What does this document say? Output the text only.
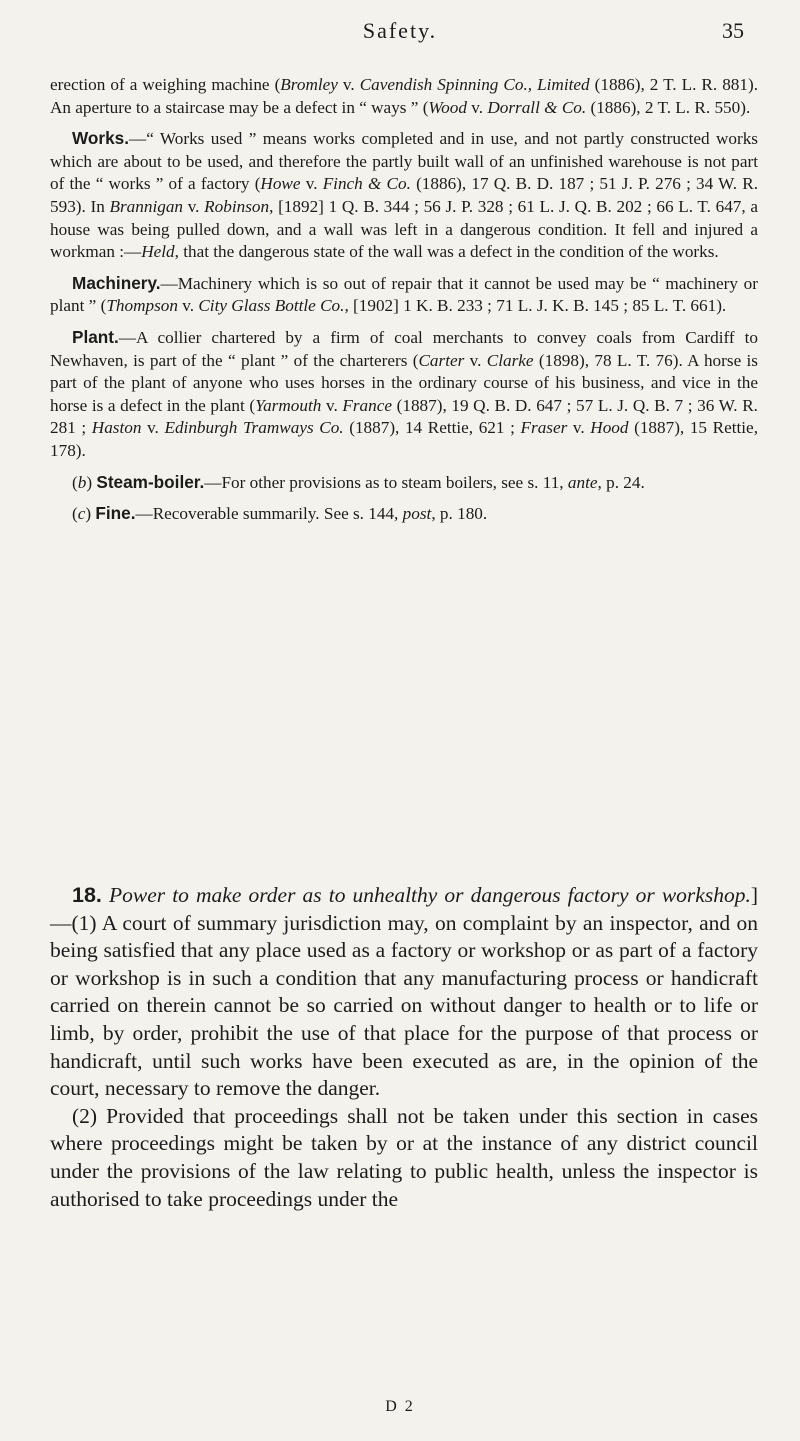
Safety.	35

erection of a weighing machine (Bromley v. Cavendish Spinning Co., Limited (1886), 2 T. L. R. 881). An aperture to a staircase may be a defect in “ ways ” (Wood v. Dorrall & Co. (1886), 2 T. L. R. 550).

Works.—“ Works used ” means works completed and in use, and not partly constructed works which are about to be used, and therefore the partly built wall of an unfinished warehouse is not part of the “ works ” of a factory (Howe v. Finch & Co. (1886), 17 Q. B. D. 187 ; 51 J. P. 276 ; 34 W. R. 593). In Brannigan v. Robinson, [1892] 1 Q. B. 344 ; 56 J. P. 328 ; 61 L. J. Q. B. 202 ; 66 L. T. 647, a house was being pulled down, and a wall was left in a dangerous condition. It fell and injured a workman :—Held, that the dangerous state of the wall was a defect in the condition of the works.

Machinery.—Machinery which is so out of repair that it cannot be used may be “ machinery or plant ” (Thompson v. City Glass Bottle Co., [1902] 1 K. B. 233 ; 71 L. J. K. B. 145 ; 85 L. T. 661).

Plant.—A collier chartered by a firm of coal merchants to convey coals from Cardiff to Newhaven, is part of the “ plant ” of the charterers (Carter v. Clarke (1898), 78 L. T. 76). A horse is part of the plant of anyone who uses horses in the ordinary course of his business, and vice in the horse is a defect in the plant (Yarmouth v. France (1887), 19 Q. B. D. 647 ; 57 L. J. Q. B. 7 ; 36 W. R. 281 ; Haston v. Edinburgh Tramways Co. (1887), 14 Rettie, 621 ; Fraser v. Hood (1887), 15 Rettie, 178).

(b) Steam-boiler.—For other provisions as to steam boilers, see s. 11, ante, p. 24.

(c) Fine.—Recoverable summarily. See s. 144, post, p. 180.

18. Power to make order as to unhealthy or dangerous factory or workshop.]—(1) A court of summary jurisdiction may, on complaint by an inspector, and on being satisfied that any place used as a factory or workshop or as part of a factory or workshop is in such a condition that any manufacturing process or handicraft carried on therein cannot be so carried on without danger to health or to life or limb, by order, prohibit the use of that place for the purpose of that process or handicraft, until such works have been executed as are, in the opinion of the court, necessary to remove the danger.

(2) Provided that proceedings shall not be taken under this section in cases where proceedings might be taken by or at the instance of any district council under the provisions of the law relating to public health, unless the inspector is authorised to take proceedings under the

D 2
